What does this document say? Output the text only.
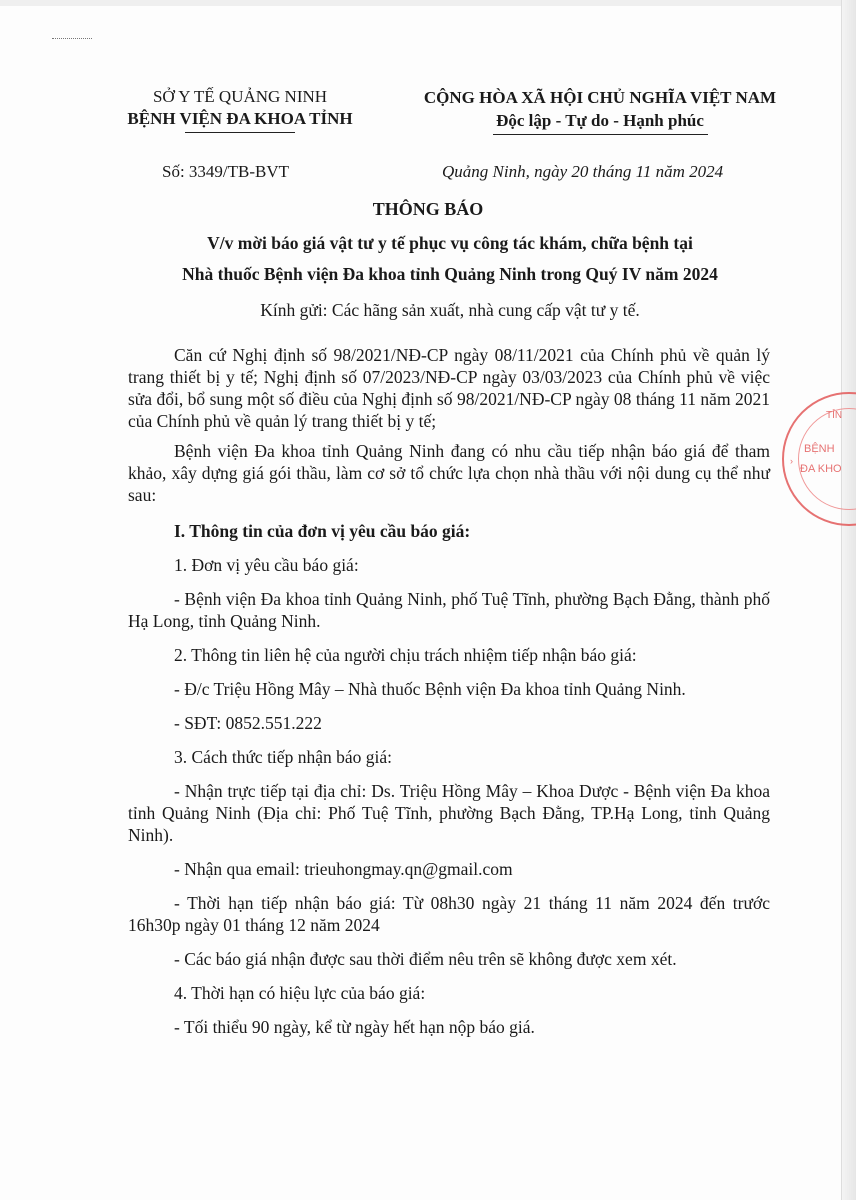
SỞ Y TẾ QUẢNG NINH
BỆNH VIỆN ĐA KHOA TỈNH
CỘNG HÒA XÃ HỘI CHỦ NGHĨA VIỆT NAM
Độc lập - Tự do - Hạnh phúc
Số: 3349/TB-BVT	Quảng Ninh, ngày 20 tháng 11 năm 2024
THÔNG BÁO
V/v mời báo giá vật tư y tế phục vụ công tác khám, chữa bệnh tại
Nhà thuốc Bệnh viện Đa khoa tỉnh Quảng Ninh trong Quý IV năm 2024
Kính gửi: Các hãng sản xuất, nhà cung cấp vật tư y tế.

Căn cứ Nghị định số 98/2021/NĐ-CP ngày 08/11/2021 của Chính phủ về quản lý trang thiết bị y tế; Nghị định số 07/2023/NĐ-CP ngày 03/03/2023 của Chính phủ về việc sửa đổi, bổ sung một số điều của Nghị định số 98/2021/NĐ-CP ngày 08 tháng 11 năm 2021 của Chính phủ về quản lý trang thiết bị y tế;

Bệnh viện Đa khoa tỉnh Quảng Ninh đang có nhu cầu tiếp nhận báo giá để tham khảo, xây dựng giá gói thầu, làm cơ sở tổ chức lựa chọn nhà thầu với nội dung cụ thể như sau:

I. Thông tin của đơn vị yêu cầu báo giá:

1. Đơn vị yêu cầu báo giá:

- Bệnh viện Đa khoa tỉnh Quảng Ninh, phố Tuệ Tĩnh, phường Bạch Đằng, thành phố Hạ Long, tỉnh Quảng Ninh.

2. Thông tin liên hệ của người chịu trách nhiệm tiếp nhận báo giá:

- Đ/c Triệu Hồng Mây – Nhà thuốc Bệnh viện Đa khoa tỉnh Quảng Ninh.

- SĐT: 0852.551.222

3. Cách thức tiếp nhận báo giá:

- Nhận trực tiếp tại địa chỉ: Ds. Triệu Hồng Mây – Khoa Dược - Bệnh viện Đa khoa tỉnh Quảng Ninh (Địa chỉ: Phố Tuệ Tĩnh, phường Bạch Đằng, TP.Hạ Long, tỉnh Quảng Ninh).

- Nhận qua email: trieuhongmay.qn@gmail.com

- Thời hạn tiếp nhận báo giá: Từ 08h30 ngày 21 tháng 11 năm 2024 đến trước 16h30p ngày 01 tháng 12 năm 2024

- Các báo giá nhận được sau thời điểm nêu trên sẽ không được xem xét.

4. Thời hạn có hiệu lực của báo giá:

- Tối thiểu 90 ngày, kể từ ngày hết hạn nộp báo giá.

TỈN
BỆNH
ĐA KHO
›
